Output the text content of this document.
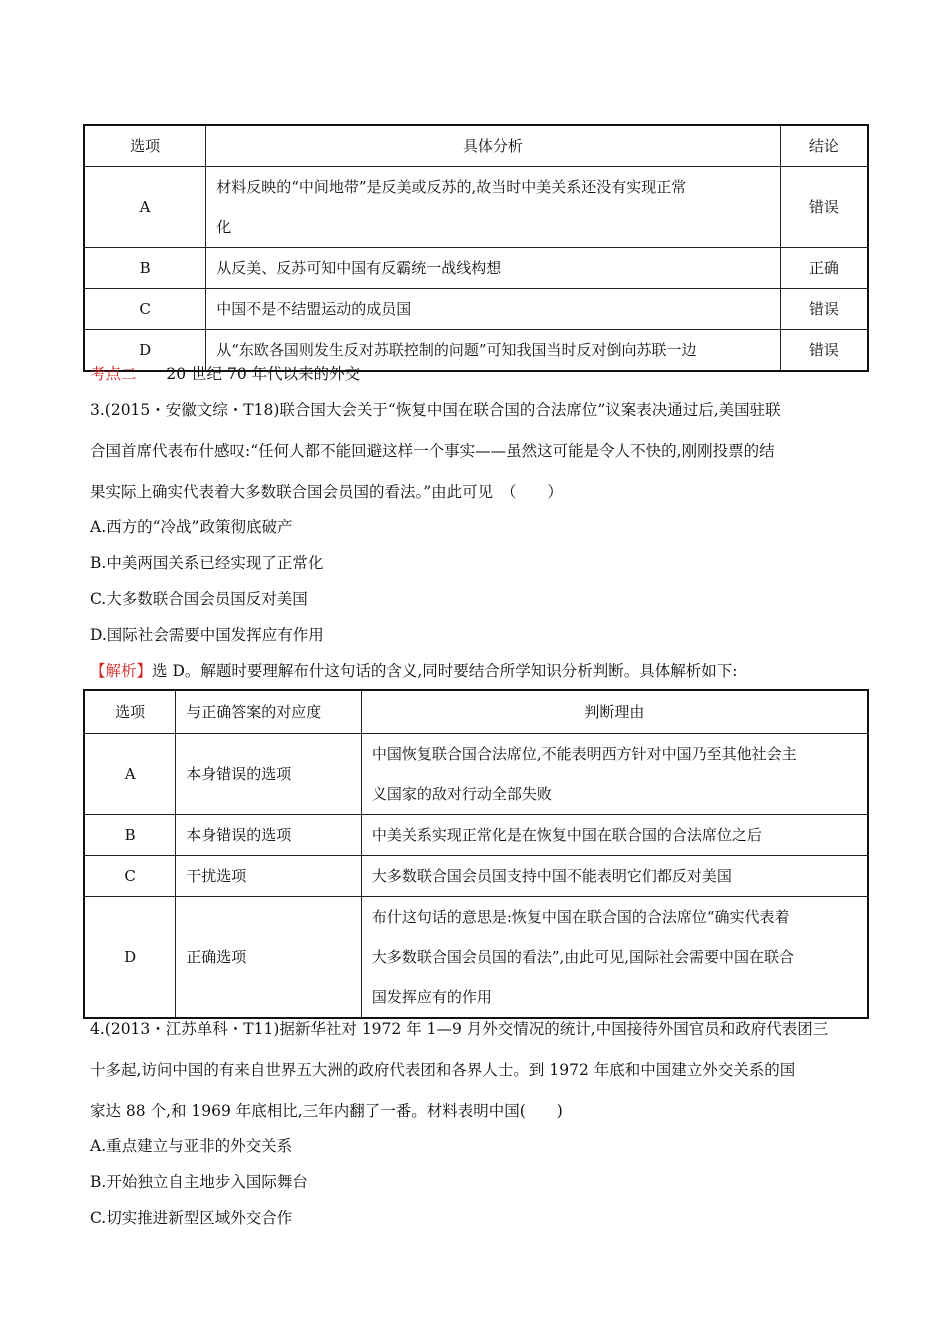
选项	具体分析	结论
A	材料反映的“中间地带”是反美或反苏的,故当时中美关系还没有实现正常
化	错误
B	从反美、反苏可知中国有反霸统一战线构想	正确
C	中国不是不结盟运动的成员国	错误
D	从“东欧各国则发生反对苏联控制的问题”可知我国当时反对倒向苏联一边	错误
考点二 20 世纪 70 年代以来的外交
3.(2015・安徽文综・T18)联合国大会关于“恢复中国在联合国的合法席位”议案表决通过后,美国驻联
合国首席代表布什感叹:“任何人都不能回避这样一个事实——虽然这可能是令人不快的,刚刚投票的结
果实际上确实代表着大多数联合国会员国的看法。”由此可见　（　　）
A.西方的“冷战”政策彻底破产
B.中美两国关系已经实现了正常化
C.大多数联合国会员国反对美国
D.国际社会需要中国发挥应有作用
【解析】选 D。解题时要理解布什这句话的含义,同时要结合所学知识分析判断。具体解析如下:
选项	与正确答案的对应度	判断理由
A	本身错误的选项	中国恢复联合国合法席位,不能表明西方针对中国乃至其他社会主
义国家的敌对行动全部失败

B	本身错误的选项	中美关系实现正常化是在恢复中国在联合国的合法席位之后
C	干扰选项	大多数联合国会员国支持中国不能表明它们都反对美国
D	正确选项	布什这句话的意思是:恢复中国在联合国的合法席位“确实代表着
大多数联合国会员国的看法”,由此可见,国际社会需要中国在联合
国发挥应有的作用
4.(2013・江苏单科・T11)据新华社对 1972 年 1—9 月外交情况的统计,中国接待外国官员和政府代表团三
十多起,访问中国的有来自世界五大洲的政府代表团和各界人士。到 1972 年底和中国建立外交关系的国
家达 88 个,和 1969 年底相比,三年内翻了一番。材料表明中国(　　)
A.重点建立与亚非的外交关系
B.开始独立自主地步入国际舞台
C.切实推进新型区域外交合作
